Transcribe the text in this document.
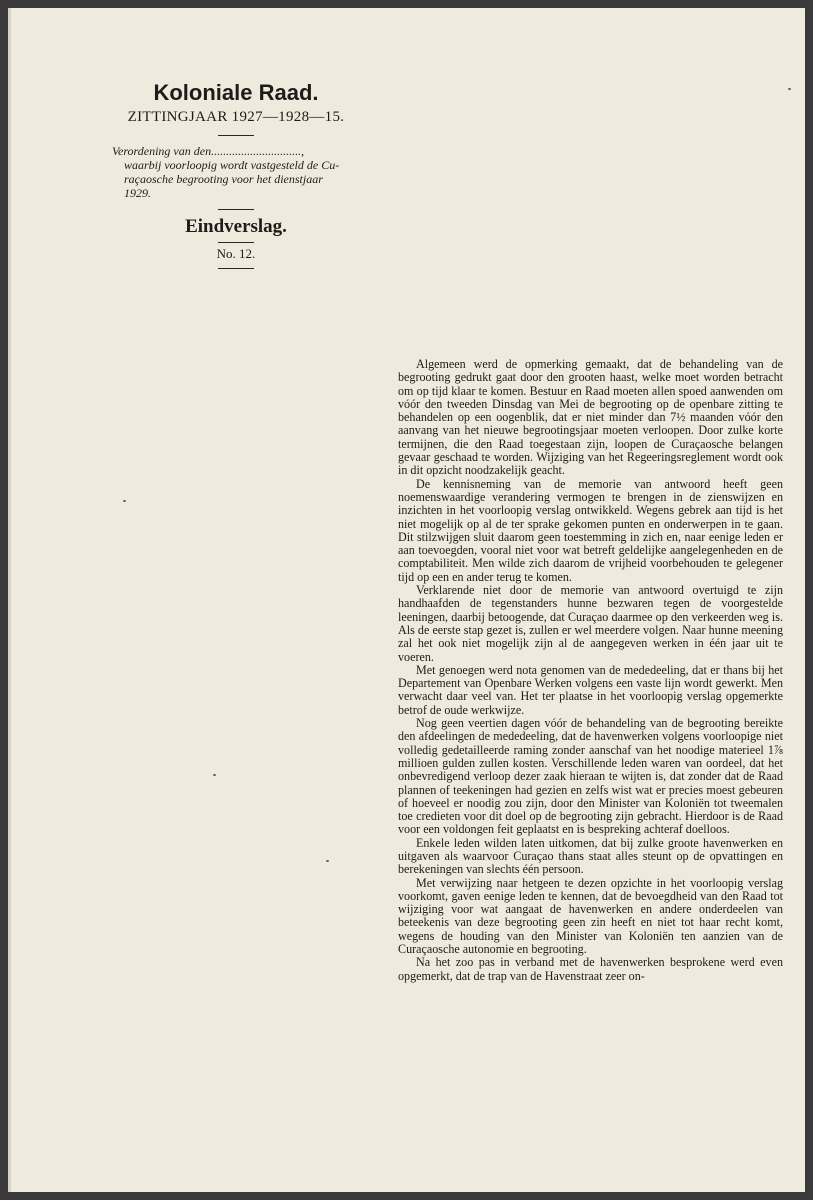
Koloniale Raad.
ZITTINGJAAR 1927—1928—15.
Verordening van den..............................,
waarbij voorloopig wordt vastgesteld de Cu-
raçaosche begrooting voor het dienstjaar
1929.
Eindverslag.
No. 12.

Algemeen werd de opmerking gemaakt, dat de behandeling van de begrooting gedrukt gaat door den grooten haast, welke moet worden betracht om op tijd klaar te komen. Bestuur en Raad moeten allen spoed aanwenden om vóór den tweeden Dinsdag van Mei de begrooting op de openbare zitting te behandelen op een oogenblik, dat er niet minder dan 7½ maanden vóór den aanvang van het nieuwe begrootingsjaar moeten verloopen. Door zulke korte termijnen, die den Raad toegestaan zijn, loopen de Curaçaosche belangen gevaar geschaad te worden. Wijziging van het Regeeringsreglement wordt ook in dit opzicht noodzakelijk geacht.

De kennisneming van de memorie van antwoord heeft geen noemenswaardige verandering vermogen te brengen in de zienswijzen en inzichten in het voorloopig verslag ontwikkeld. Wegens gebrek aan tijd is het niet mogelijk op al de ter sprake gekomen punten en onderwerpen in te gaan. Dit stilzwijgen sluit daarom geen toestemming in zich en, naar eenige leden er aan toevoegden, vooral niet voor wat betreft geldelijke aangelegenheden en de comptabiliteit. Men wilde zich daarom de vrijheid voorbehouden te gelegener tijd op een en ander terug te komen.

Verklarende niet door de memorie van antwoord overtuigd te zijn handhaafden de tegenstanders hunne bezwaren tegen de voorgestelde leeningen, daarbij betoogende, dat Curaçao daarmee op den verkeerden weg is. Als de eerste stap gezet is, zullen er wel meerdere volgen. Naar hunne meening zal het ook niet mogelijk zijn al de aangegeven werken in één jaar uit te voeren.

Met genoegen werd nota genomen van de mededeeling, dat er thans bij het Departement van Openbare Werken volgens een vaste lijn wordt gewerkt. Men verwacht daar veel van. Het ter plaatse in het voorloopig verslag opgemerkte betrof de oude werkwijze.

Nog geen veertien dagen vóór de behandeling van de begrooting bereikte den afdeelingen de mededeeling, dat de havenwerken volgens voorloopige niet volledig gedetailleerde raming zonder aanschaf van het noodige materieel 1⅞ millioen gulden zullen kosten. Verschillende leden waren van oordeel, dat het onbevredigend verloop dezer zaak hieraan te wijten is, dat zonder dat de Raad plannen of teekeningen had gezien en zelfs wist wat er precies moest gebeuren of hoeveel er noodig zou zijn, door den Minister van Koloniën tot tweemalen toe credieten voor dit doel op de begrooting zijn gebracht. Hierdoor is de Raad voor een voldongen feit geplaatst en is bespreking achteraf doelloos.

Enkele leden wilden laten uitkomen, dat bij zulke groote havenwerken en uitgaven als waarvoor Curaçao thans staat alles steunt op de opvattingen en berekeningen van slechts één persoon.

Met verwijzing naar hetgeen te dezen opzichte in het voorloopig verslag voorkomt, gaven eenige leden te kennen, dat de bevoegdheid van den Raad tot wijziging voor wat aangaat de havenwerken en andere onderdeelen van beteekenis van deze begrooting geen zin heeft en niet tot haar recht komt, wegens de houding van den Minister van Koloniën ten aanzien van de Curaçaosche autonomie en begrooting.

Na het zoo pas in verband met de havenwerken besprokene werd even opgemerkt, dat de trap van de Havenstraat zeer on-
